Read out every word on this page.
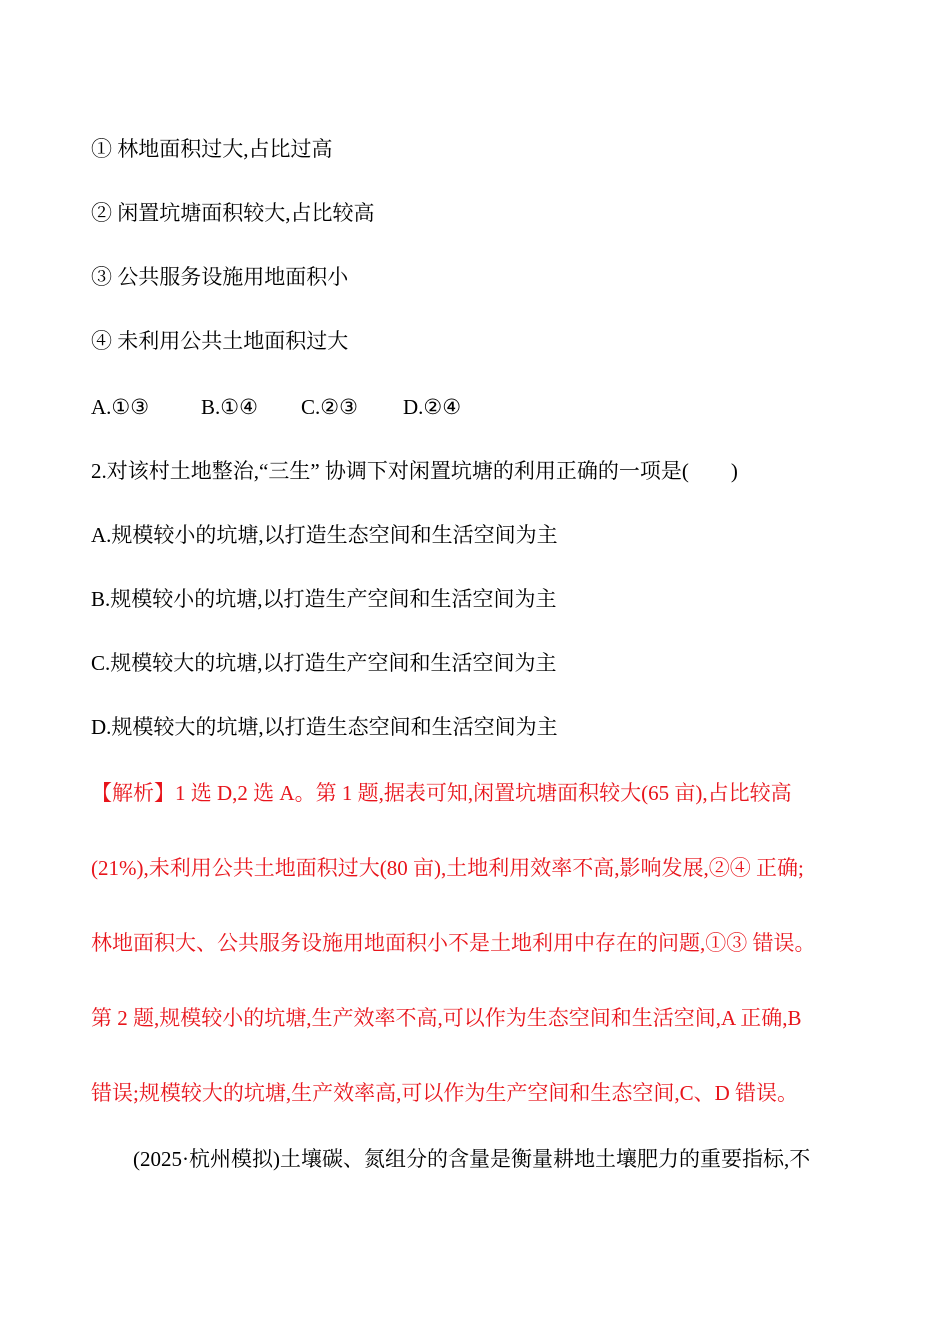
① 林地面积过大,占比过高
② 闲置坑塘面积较大,占比较高
③ 公共服务设施用地面积小
④ 未利用公共土地面积过大
A.①③	B.①④	C.②③	D.②④
2.对该村土地整治,“三生” 协调下对闲置坑塘的利用正确的一项是(　　)
A.规模较小的坑塘,以打造生态空间和生活空间为主
B.规模较小的坑塘,以打造生产空间和生活空间为主
C.规模较大的坑塘,以打造生产空间和生活空间为主
D.规模较大的坑塘,以打造生态空间和生活空间为主
【解析】1 选 D,2 选 A。第 1 题,据表可知,闲置坑塘面积较大(65 亩),占比较高
(21%),未利用公共土地面积过大(80 亩),土地利用效率不高,影响发展,②④ 正确;
林地面积大、公共服务设施用地面积小不是土地利用中存在的问题,①③ 错误。
第 2 题,规模较小的坑塘,生产效率不高,可以作为生态空间和生活空间,A 正确,B
错误;规模较大的坑塘,生产效率高,可以作为生产空间和生态空间,C、D 错误。
(2025·杭州模拟)土壤碳、氮组分的含量是衡量耕地土壤肥力的重要指标,不
